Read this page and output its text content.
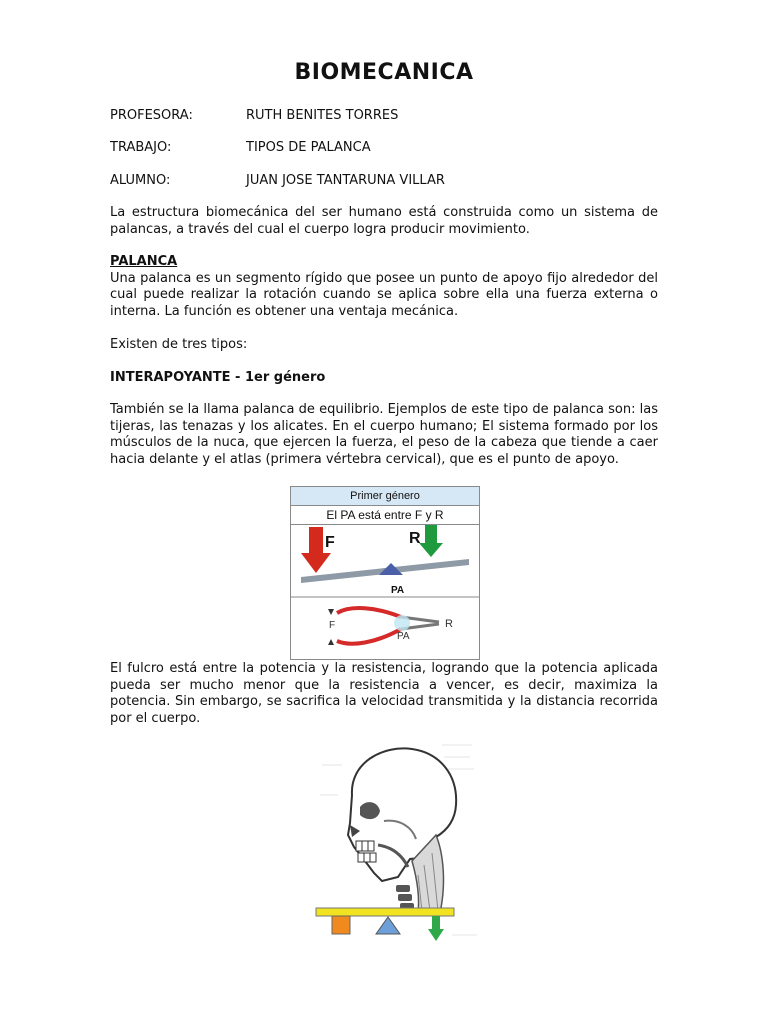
BIOMECANICA
PROFESORA:	RUTH BENITES TORRES
TRABAJO:	TIPOS DE PALANCA
ALUMNO:	JUAN JOSE TANTARUNA VILLAR
La estructura biomecánica del ser humano está construida como un sistema de palancas, a través del cual el cuerpo logra producir movimiento.
PALANCA
Una palanca es un segmento rígido que posee un punto de apoyo fijo alrededor del cual puede realizar la rotación cuando se aplica sobre ella una fuerza externa o interna. La función es obtener una ventaja mecánica.
Existen de tres tipos:
INTERAPOYANTE - 1er género
También se la llama palanca de equilibrio. Ejemplos de este tipo de palanca son: las tijeras, las tenazas y los alicates. En el cuerpo humano; El sistema formado por los músculos de la nuca, que ejercen la fuerza, el peso de la cabeza que tiende a caer hacia delante y el atlas (primera vértebra cervical), que es el punto de apoyo.
Primer género
El PA está entre F y R
F	R
PA
PA
F	R
El fulcro está entre la potencia y la resistencia, logrando que la potencia aplicada pueda ser mucho menor que la resistencia a vencer, es decir, maximiza la potencia. Sin embargo, se sacrifica la velocidad transmitida y la distancia recorrida por el cuerpo.
